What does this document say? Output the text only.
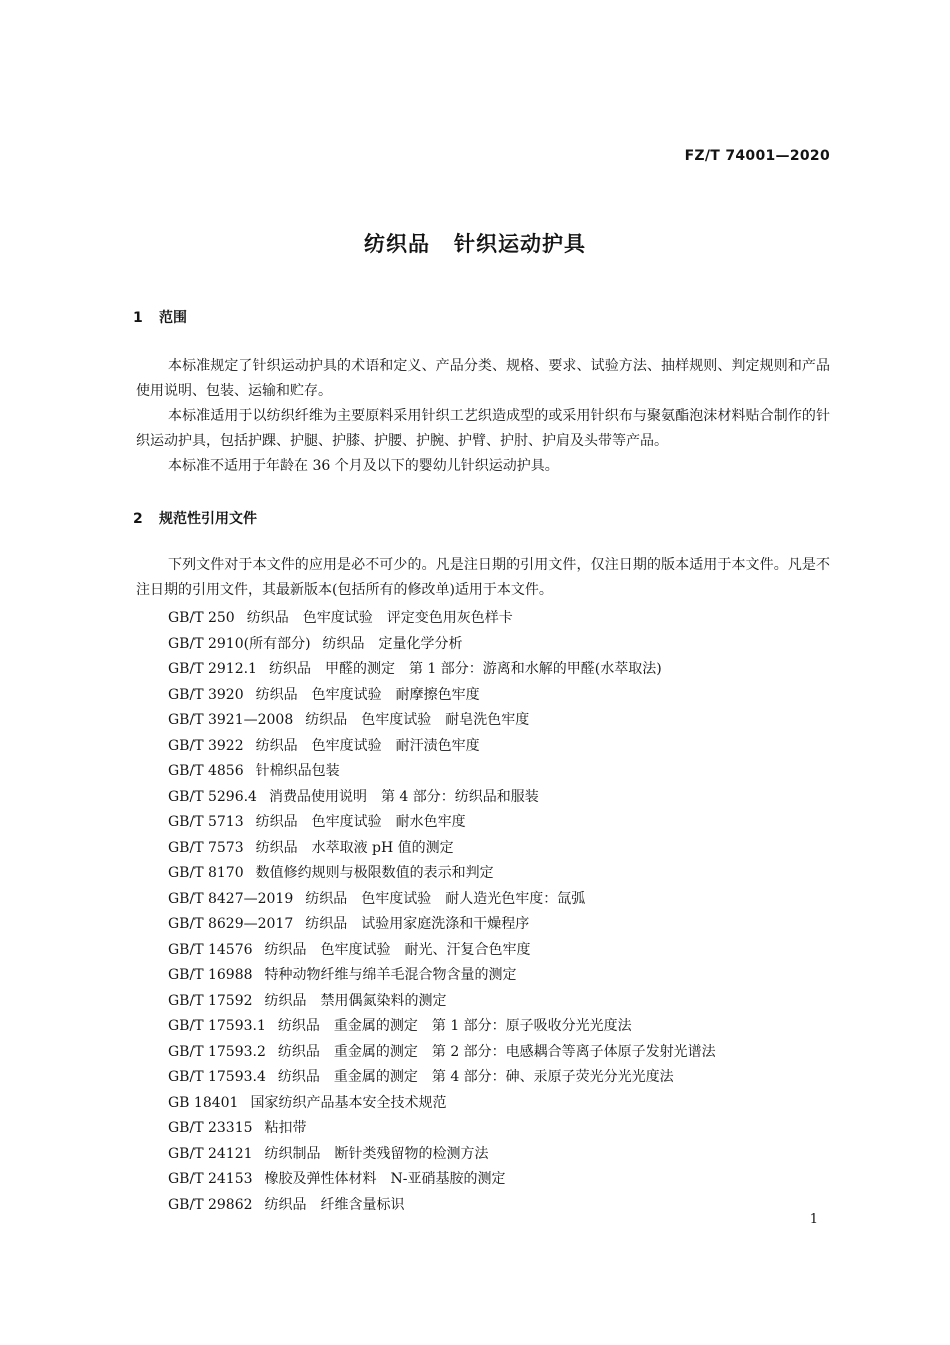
FZ/T 74001—2020
纺织品 针织运动护具
1 范围

本标准规定了针织运动护具的术语和定义、产品分类、规格、要求、试验方法、抽样规则、判定规则和产品使用说明、包装、运输和贮存。

本标准适用于以纺织纤维为主要原料采用针织工艺织造成型的或采用针织布与聚氨酯泡沫材料贴合制作的针织运动护具，包括护踝、护腿、护膝、护腰、护腕、护臂、护肘、护肩及头带等产品。

本标准不适用于年龄在 36 个月及以下的婴幼儿针织运动护具。

2 规范性引用文件

下列文件对于本文件的应用是必不可少的。凡是注日期的引用文件，仅注日期的版本适用于本文件。凡是不注日期的引用文件，其最新版本(包括所有的修改单)适用于本文件。

GB/T 250 纺织品　色牢度试验　评定变色用灰色样卡
GB/T 2910(所有部分) 纺织品　定量化学分析
GB/T 2912.1 纺织品　甲醛的测定　第 1 部分：游离和水解的甲醛(水萃取法)
GB/T 3920 纺织品　色牢度试验　耐摩擦色牢度
GB/T 3921—2008 纺织品　色牢度试验　耐皂洗色牢度
GB/T 3922 纺织品　色牢度试验　耐汗渍色牢度
GB/T 4856 针棉织品包装
GB/T 5296.4 消费品使用说明　第 4 部分：纺织品和服装
GB/T 5713 纺织品　色牢度试验　耐水色牢度
GB/T 7573 纺织品　水萃取液 pH 值的测定
GB/T 8170 数值修约规则与极限数值的表示和判定
GB/T 8427—2019 纺织品　色牢度试验　耐人造光色牢度：氙弧
GB/T 8629—2017 纺织品　试验用家庭洗涤和干燥程序
GB/T 14576 纺织品　色牢度试验　耐光、汗复合色牢度
GB/T 16988 特种动物纤维与绵羊毛混合物含量的测定
GB/T 17592 纺织品　禁用偶氮染料的测定
GB/T 17593.1 纺织品　重金属的测定　第 1 部分：原子吸收分光光度法
GB/T 17593.2 纺织品　重金属的测定　第 2 部分：电感耦合等离子体原子发射光谱法
GB/T 17593.4 纺织品　重金属的测定　第 4 部分：砷、汞原子荧光分光光度法
GB 18401 国家纺织产品基本安全技术规范
GB/T 23315 粘扣带
GB/T 24121 纺织制品　断针类残留物的检测方法
GB/T 24153 橡胶及弹性体材料　N-亚硝基胺的测定
GB/T 29862 纺织品　纤维含量标识
1
